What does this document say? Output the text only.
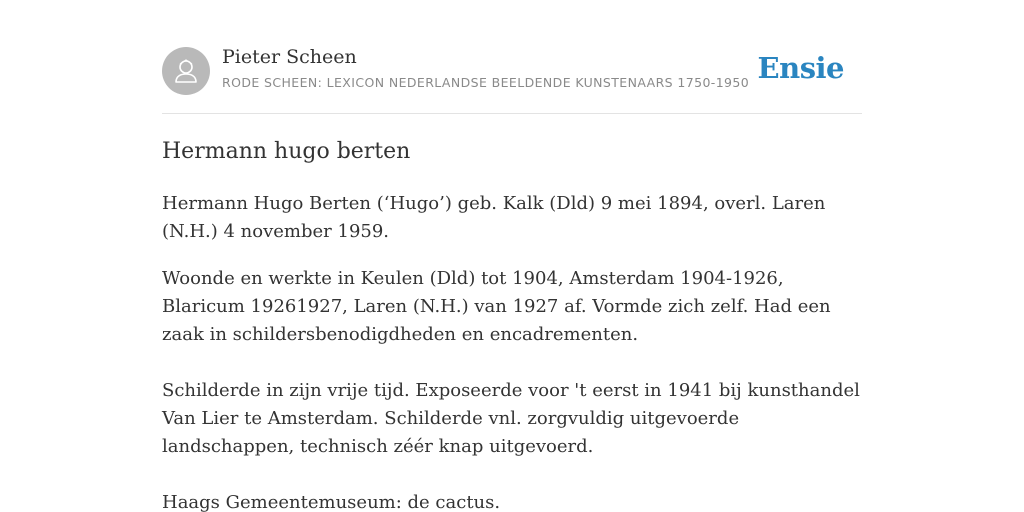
Pieter Scheen
RODE SCHEEN: LEXICON NEDERLANDSE BEELDENDE KUNSTENAARS 1750-1950 Ensie
Hermann hugo berten

Hermann Hugo Berten (‘Hugo’) geb. Kalk (Dld) 9 mei 1894, overl. Laren (N.H.) 4 november 1959.

Woonde en werkte in Keulen (Dld) tot 1904, Amsterdam 1904-1926, Blaricum 19261927, Laren (N.H.) van 1927 af. Vormde zich zelf. Had een zaak in schildersbenodigdheden en encadrementen.

Schilderde in zijn vrije tijd. Exposeerde voor 't eerst in 1941 bij kunsthandel Van Lier te Amsterdam. Schilderde vnl. zorgvuldig uitgevoerde landschappen, technisch zéér knap uitgevoerd.

Haags Gemeentemuseum: de cactus.
